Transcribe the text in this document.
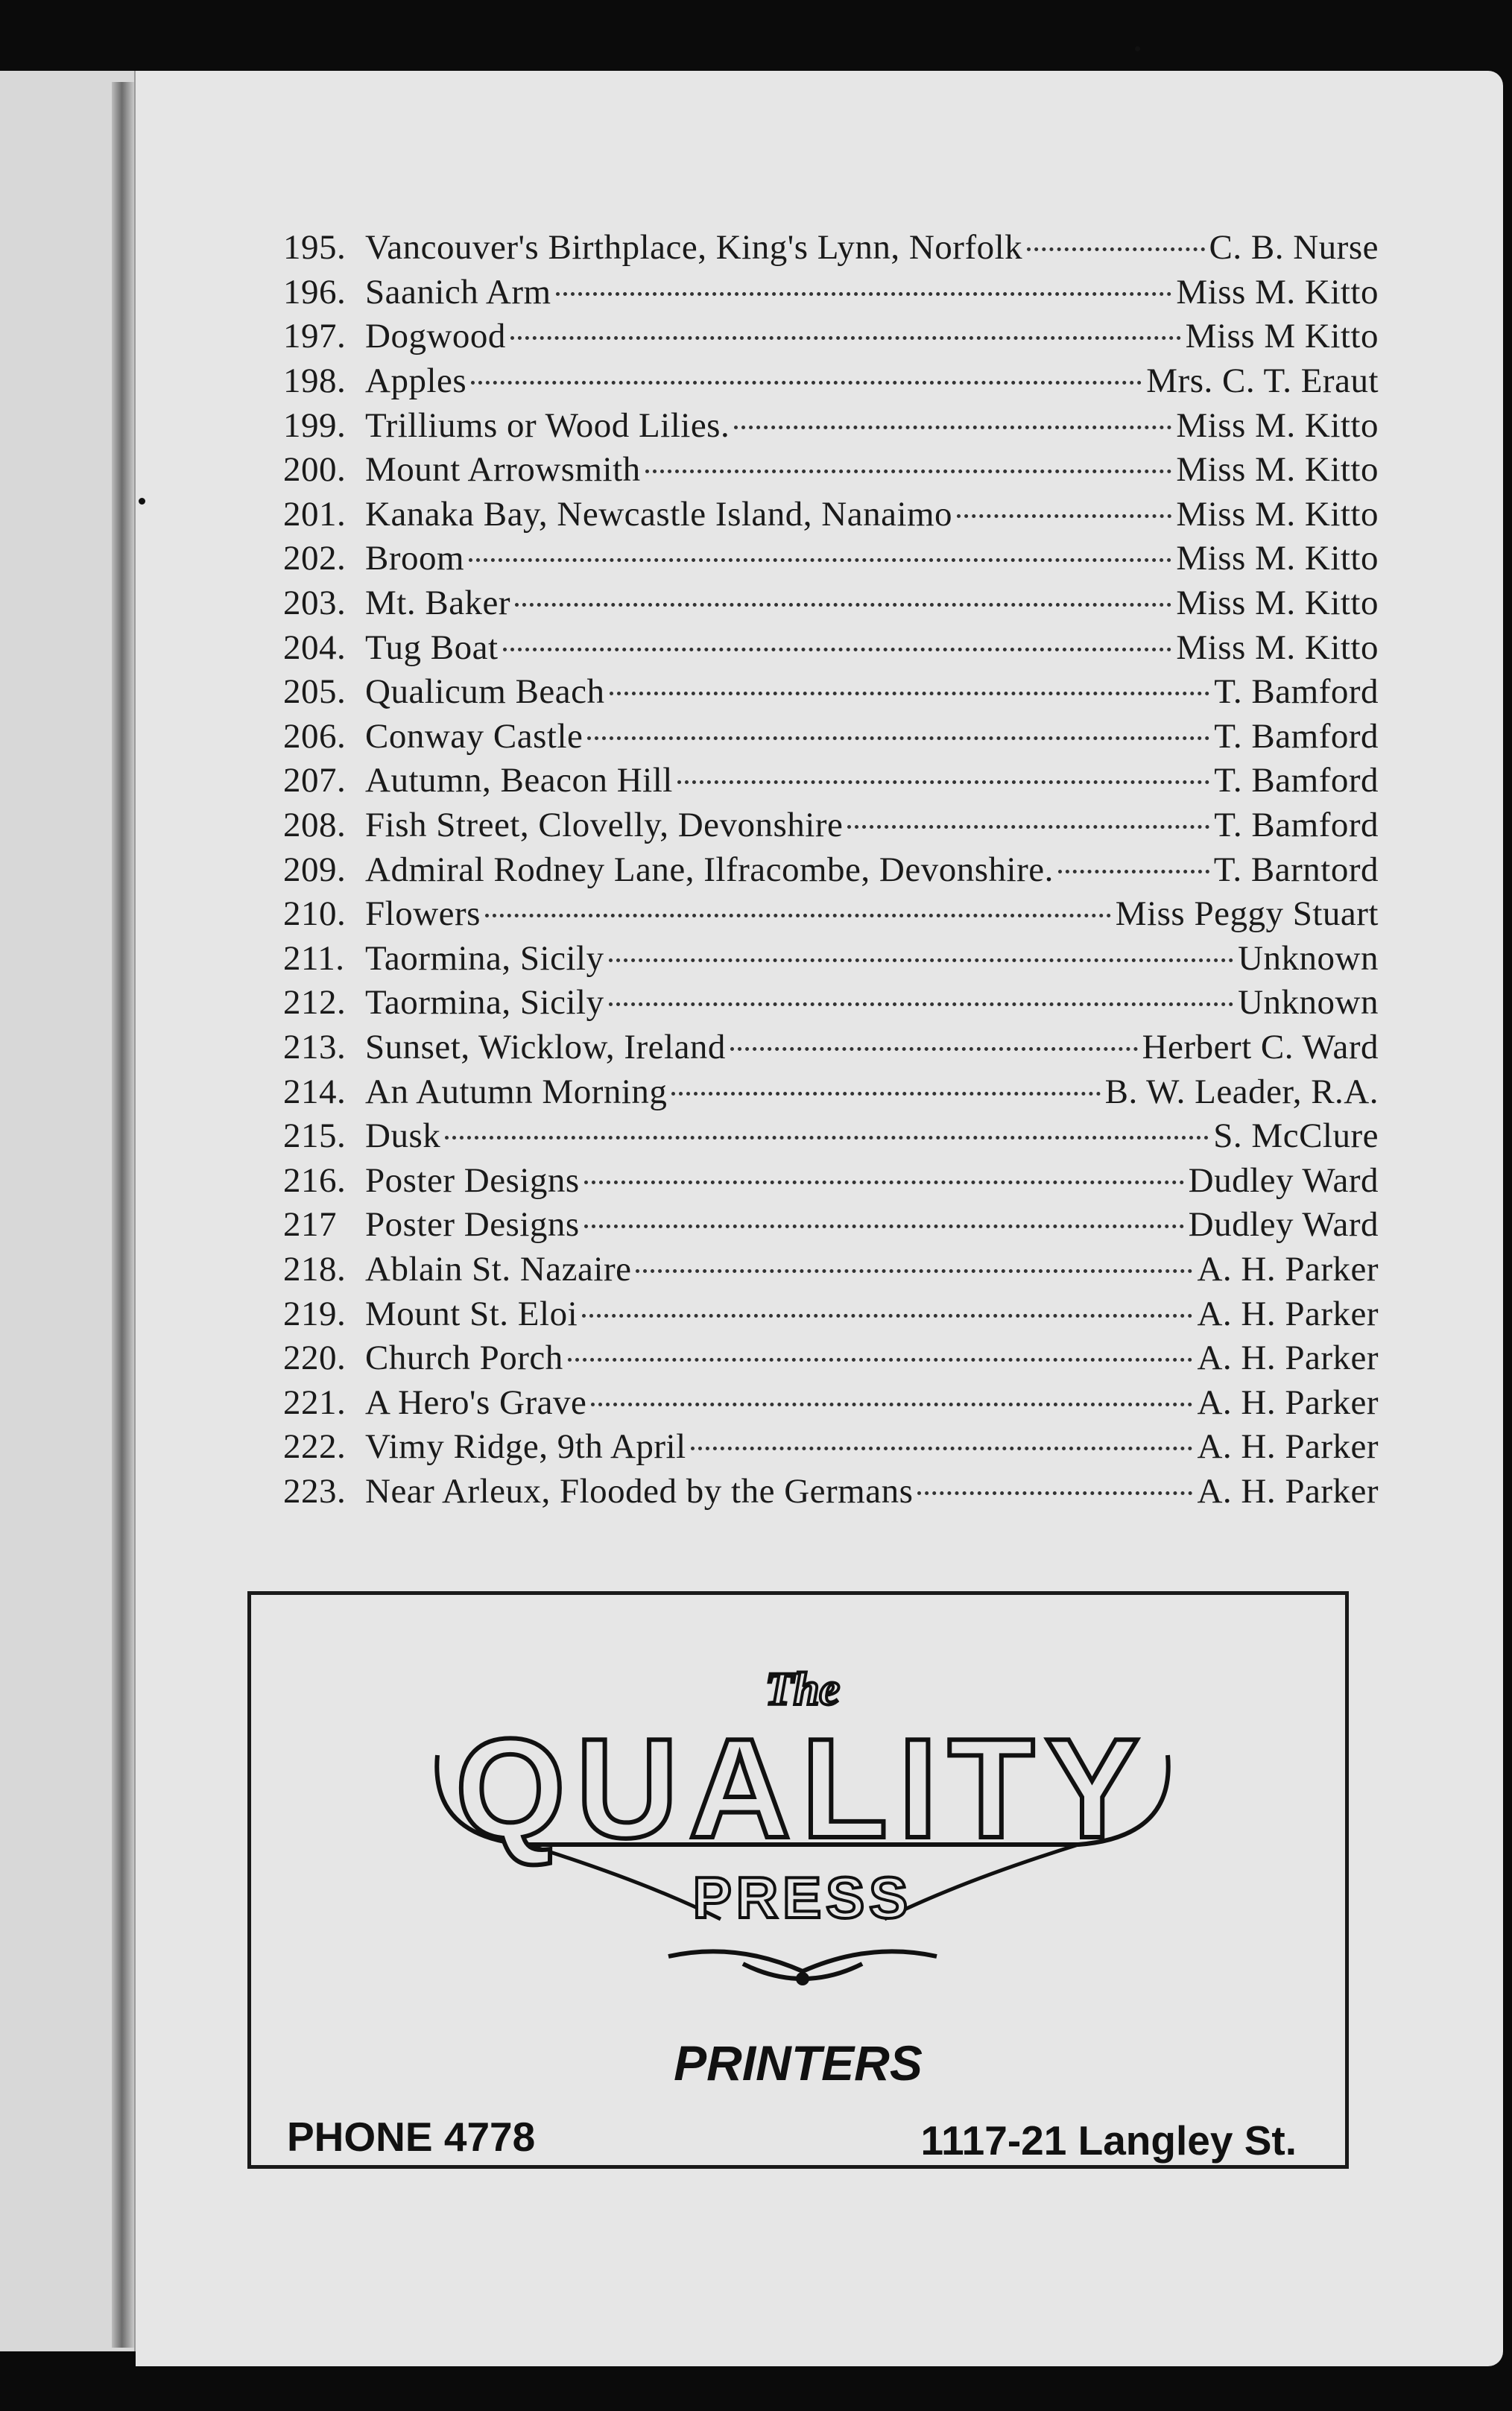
195. Vancouver's Birthplace, King's Lynn, Norfolk	C. B. Nurse
196. Saanich Arm	Miss M. Kitto
197. Dogwood	Miss M Kitto
198. Apples	Mrs. C. T. Eraut
199. Trilliums or Wood Lilies.	Miss M. Kitto
200. Mount Arrowsmith	Miss M. Kitto
201. Kanaka Bay, Newcastle Island, Nanaimo	Miss M. Kitto
202. Broom	Miss M. Kitto
203. Mt. Baker	Miss M. Kitto
204. Tug Boat	Miss M. Kitto
205. Qualicum Beach	T. Bamford
206. Conway Castle	T. Bamford
207. Autumn, Beacon Hill	T. Bamford
208. Fish Street, Clovelly, Devonshire	T. Bamford
209. Admiral Rodney Lane, Ilfracombe, Devonshire.	T. Barntord
210. Flowers	Miss Peggy Stuart
211. Taormina, Sicily	Unknown
212. Taormina, Sicily	Unknown
213. Sunset, Wicklow, Ireland	Herbert C. Ward
214. An Autumn Morning	B. W. Leader, R.A.
215. Dusk	S. McClure
216. Poster Designs	Dudley Ward
217 Poster Designs	Dudley Ward
218. Ablain St. Nazaire	A. H. Parker
219. Mount St. Eloi	A. H. Parker
220. Church Porch	A. H. Parker
221. A Hero's Grave	A. H. Parker
222. Vimy Ridge, 9th April	A. H. Parker
223. Near Arleux, Flooded by the Germans	A. H. Parker
The
QUALITY
PRESS
PRINTERS
PHONE 4778	1117-21 Langley St.
